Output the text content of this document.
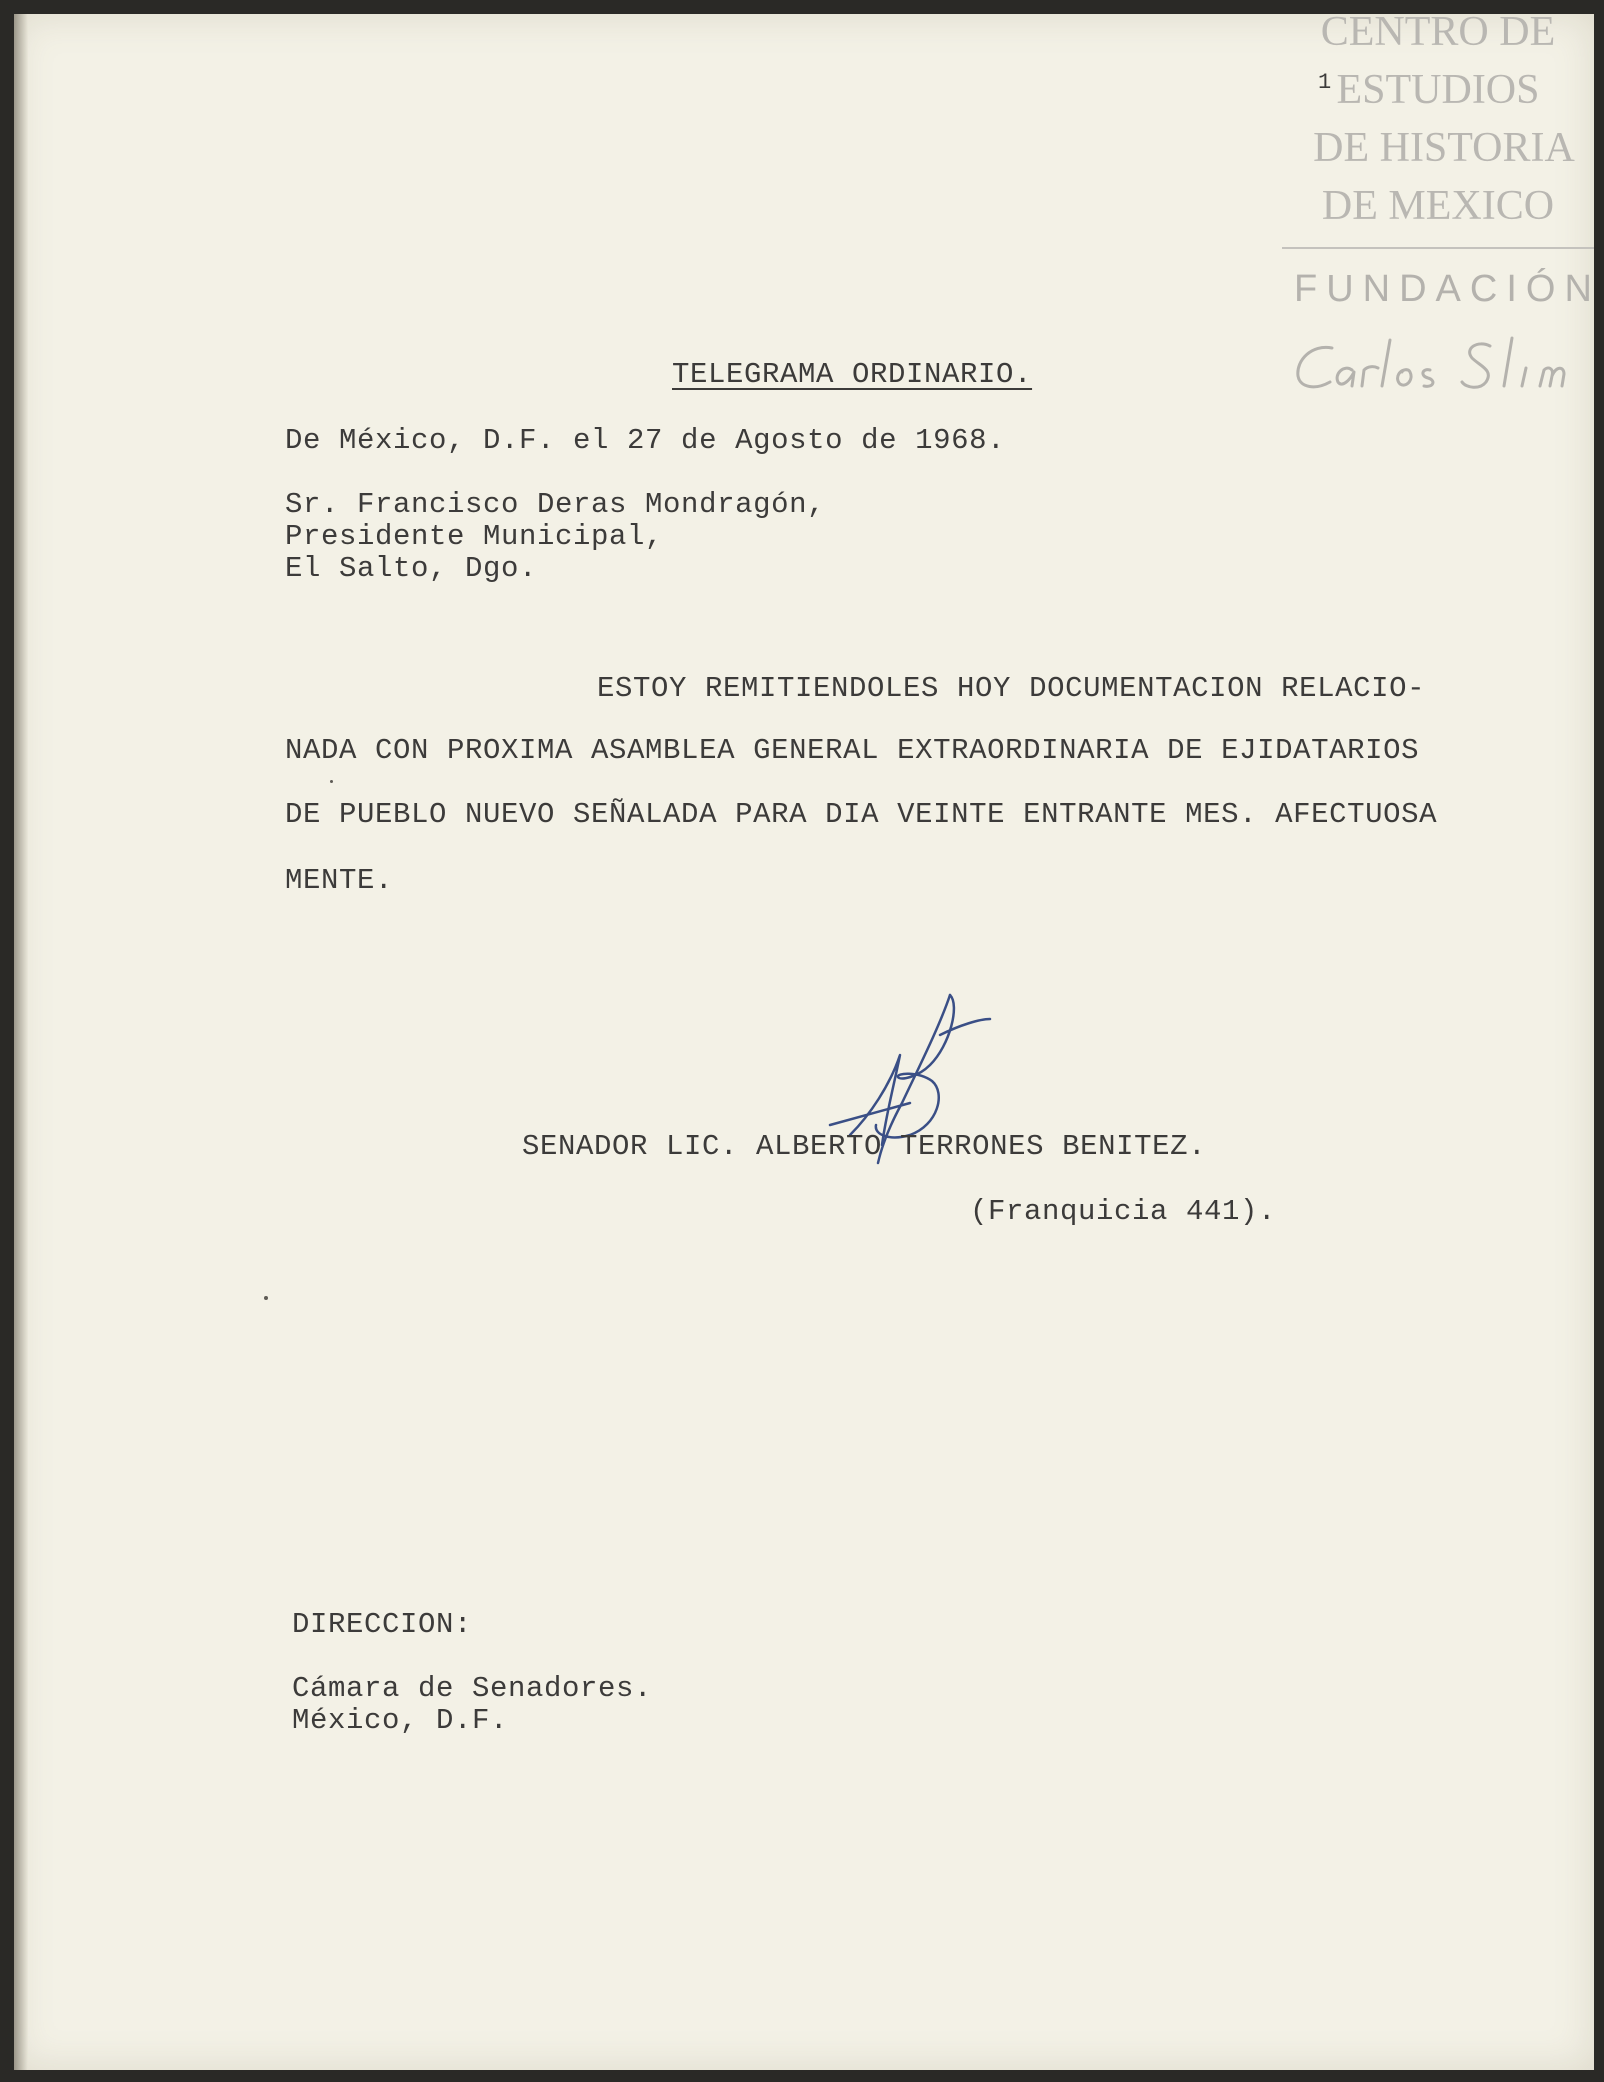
CENTRO DE
ESTUDIOS
DE HISTORIA
DE MEXICO
FUNDACIÓN
1
TELEGRAMA ORDINARIO.
De México, D.F. el 27 de Agosto de 1968.
Sr. Francisco Deras Mondragón,
Presidente Municipal,
El Salto, Dgo.
ESTOY REMITIENDOLES HOY DOCUMENTACION RELACIO-
NADA CON PROXIMA ASAMBLEA GENERAL EXTRAORDINARIA DE EJIDATARIOS
DE PUEBLO NUEVO SEÑALADA PARA DIA VEINTE ENTRANTE MES. AFECTUOSA
MENTE.
SENADOR LIC. ALBERTO TERRONES BENITEZ.
(Franquicia 441).
DIRECCION:
Cámara de Senadores.
México, D.F.
